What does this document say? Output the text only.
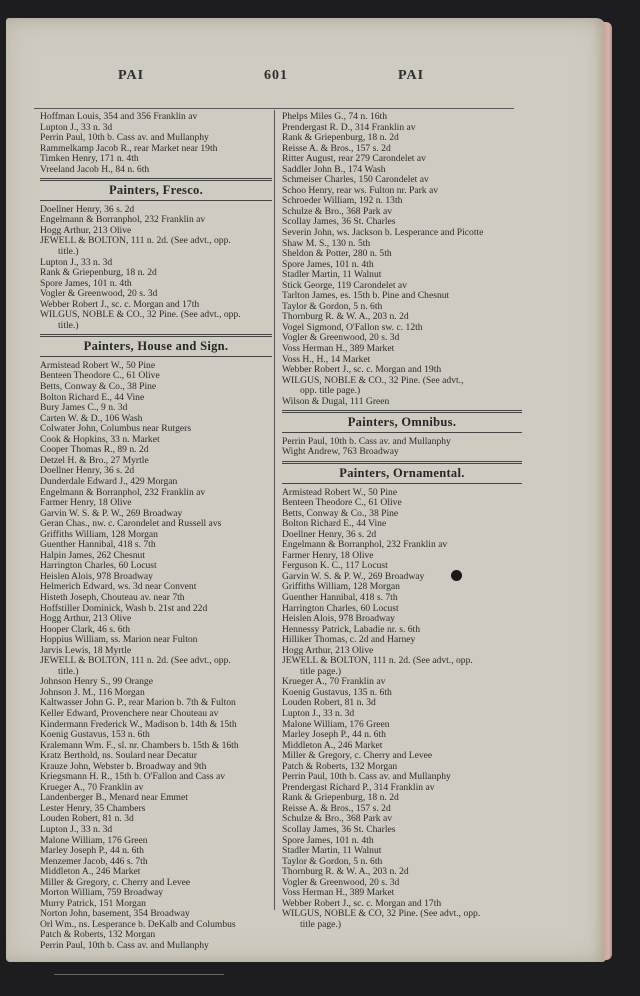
PAI	601	PAI
Hoffman Louis, 354 and 356 Franklin av
Lupton J., 33 n. 3d
Perrin Paul, 10th b. Cass av. and Mullanphy
Rammelkamp Jacob R., rear Market near 19th
Timken Henry, 171 n. 4th
Vreeland Jacob H., 84 n. 6th
Painters, Fresco.
Doellner Henry, 36 s. 2d
Engelmann & Borranphol, 232 Franklin av
Hogg Arthur, 213 Olive
JEWELL & BOLTON, 111 n. 2d. (See advt., opp.
title.)
Lupton J., 33 n. 3d
Rank & Griepenburg, 18 n. 2d
Spore James, 101 n. 4th
Vogler & Greenwood, 20 s. 3d
Webber Robert J., sc. c. Morgan and 17th
WILGUS, NOBLE & CO., 32 Pine. (See advt., opp.
title.)
Painters, House and Sign.
Armistead Robert W., 50 Pine
Benteen Theodore C., 61 Olive
Betts, Conway & Co., 38 Pine
Bolton Richard E., 44 Vine
Bury James C., 9 n. 3d
Carten W. & D., 106 Wash
Colwater John, Columbus near Rutgers
Cook & Hopkins, 33 n. Market
Cooper Thomas R., 89 n. 2d
Detzel H. & Bro., 27 Myrtle
Doellner Henry, 36 s. 2d
Dunderdale Edward J., 429 Morgan
Engelmann & Borranphol, 232 Franklin av
Farmer Henry, 18 Olive
Garvin W. S. & P. W., 269 Broadway
Geran Chas., nw. c. Carondelet and Russell avs
Griffiths William, 128 Morgan
Guenther Hannibal, 418 s. 7th
Halpin James, 262 Chesnut
Harrington Charles, 60 Locust
Heislen Alois, 978 Broadway
Helmerich Edward, ws. 3d near Convent
Histeth Joseph, Chouteau av. near 7th
Hoffstiller Dominick, Wash b. 21st and 22d
Hogg Arthur, 213 Olive
Hooper Clark, 46 s. 6th
Hoppius William, ss. Marion near Fulton
Jarvis Lewis, 18 Myrtle
JEWELL & BOLTON, 111 n. 2d. (See advt., opp.
title.)
Johnson Henry S., 99 Orange
Johnson J. M., 116 Morgan
Kaltwasser John G. P., rear Marion b. 7th & Fulton
Keller Edward, Provenchere near Chouteau av
Kindermann Frederick W., Madison b. 14th & 15th
Koenig Gustavus, 153 n. 6th
Kralemann Wm. F., sl. nr. Chambers b. 15th & 16th
Kratz Berthold, ns. Soulard near Decatur
Krauze John, Webster b. Broadway and 9th
Kriegsmann H. R., 15th b. O'Fallon and Cass av
Krueger A., 70 Franklin av
Landenberger B., Menard near Emmet
Lester Henry, 35 Chambers
Louden Robert, 81 n. 3d
Lupton J., 33 n. 3d
Malone William, 176 Green
Marley Joseph P., 44 n. 6th
Menzemer Jacob, 446 s. 7th
Middleton A., 246 Market
Miller & Gregory, c. Cherry and Levee
Morton William, 759 Broadway
Murry Patrick, 151 Morgan
Norton John, basement, 354 Broadway
Orl Wm., ns. Lesperance b. DeKalb and Columbus
Patch & Roberts, 132 Morgan
Perrin Paul, 10th b. Cass av. and Mullanphy
Phelps Miles G., 74 n. 16th
Prendergast R. D., 314 Franklin av
Rank & Griepenburg, 18 n. 2d
Reisse A. & Bros., 157 s. 2d
Ritter August, rear 279 Carondelet av
Saddler John B., 174 Wash
Schmeiser Charles, 150 Carondelet av
Schoo Henry, rear ws. Fulton nr. Park av
Schroeder William, 192 n. 13th
Schulze & Bro., 368 Park av
Scollay James, 36 St. Charles
Severin John, ws. Jackson b. Lesperance and Picotte
Shaw M. S., 130 n. 5th
Sheldon & Potter, 280 n. 5th
Spore James, 101 n. 4th
Stadler Martin, 11 Walnut
Stick George, 119 Carondelet av
Tarlton James, es. 15th b. Pine and Chesnut
Taylor & Gordon, 5 n. 6th
Thornburg R. & W. A., 203 n. 2d
Vogel Sigmond, O'Fallon sw. c. 12th
Vogler & Greenwood, 20 s. 3d
Voss Herman H., 389 Market
Voss H., H., 14 Market
Webber Robert J., sc. c. Morgan and 19th
WILGUS, NOBLE & CO., 32 Pine. (See advt.,
opp. title page.)
Wilson & Dugal, 111 Green
Painters, Omnibus.
Perrin Paul, 10th b. Cass av. and Mullanphy
Wight Andrew, 763 Broadway
Painters, Ornamental.
Armistead Robert W., 50 Pine
Benteen Theodore C., 61 Olive
Betts, Conway & Co., 38 Pine
Bolton Richard E., 44 Vine
Doellner Henry, 36 s. 2d
Engelmann & Borranphol, 232 Franklin av
Farmer Henry, 18 Olive
Ferguson K. C., 117 Locust
Garvin W. S. & P. W., 269 Broadway
Griffiths William, 128 Morgan
Guenther Hannibal, 418 s. 7th
Harrington Charles, 60 Locust
Heislen Alois, 978 Broadway
Hennessy Patrick, Labadie nr. s. 6th
Hilliker Thomas, c. 2d and Harney
Hogg Arthur, 213 Olive
JEWELL & BOLTON, 111 n. 2d. (See advt., opp.
title page.)
Krueger A., 70 Franklin av
Koenig Gustavus, 135 n. 6th
Louden Robert, 81 n. 3d
Lupton J., 33 n. 3d
Malone William, 176 Green
Marley Joseph P., 44 n. 6th
Middleton A., 246 Market
Miller & Gregory, c. Cherry and Levee
Patch & Roberts, 132 Morgan
Perrin Paul, 10th b. Cass av. and Mullanphy
Prendergast Richard P., 314 Franklin av
Rank & Griepenburg, 18 n. 2d
Reisse A. & Bros., 157 s. 2d
Schulze & Bro., 368 Park av
Scollay James, 36 St. Charles
Spore James, 101 n. 4th
Stadler Martin, 11 Walnut
Taylor & Gordon, 5 n. 6th
Thornburg R. & W. A., 203 n. 2d
Vogler & Greenwood, 20 s. 3d
Voss Herman H., 389 Market
Webber Robert J., sc. c. Morgan and 17th
WILGUS, NOBLE & CO, 32 Pine. (See advt., opp.
title page.)
